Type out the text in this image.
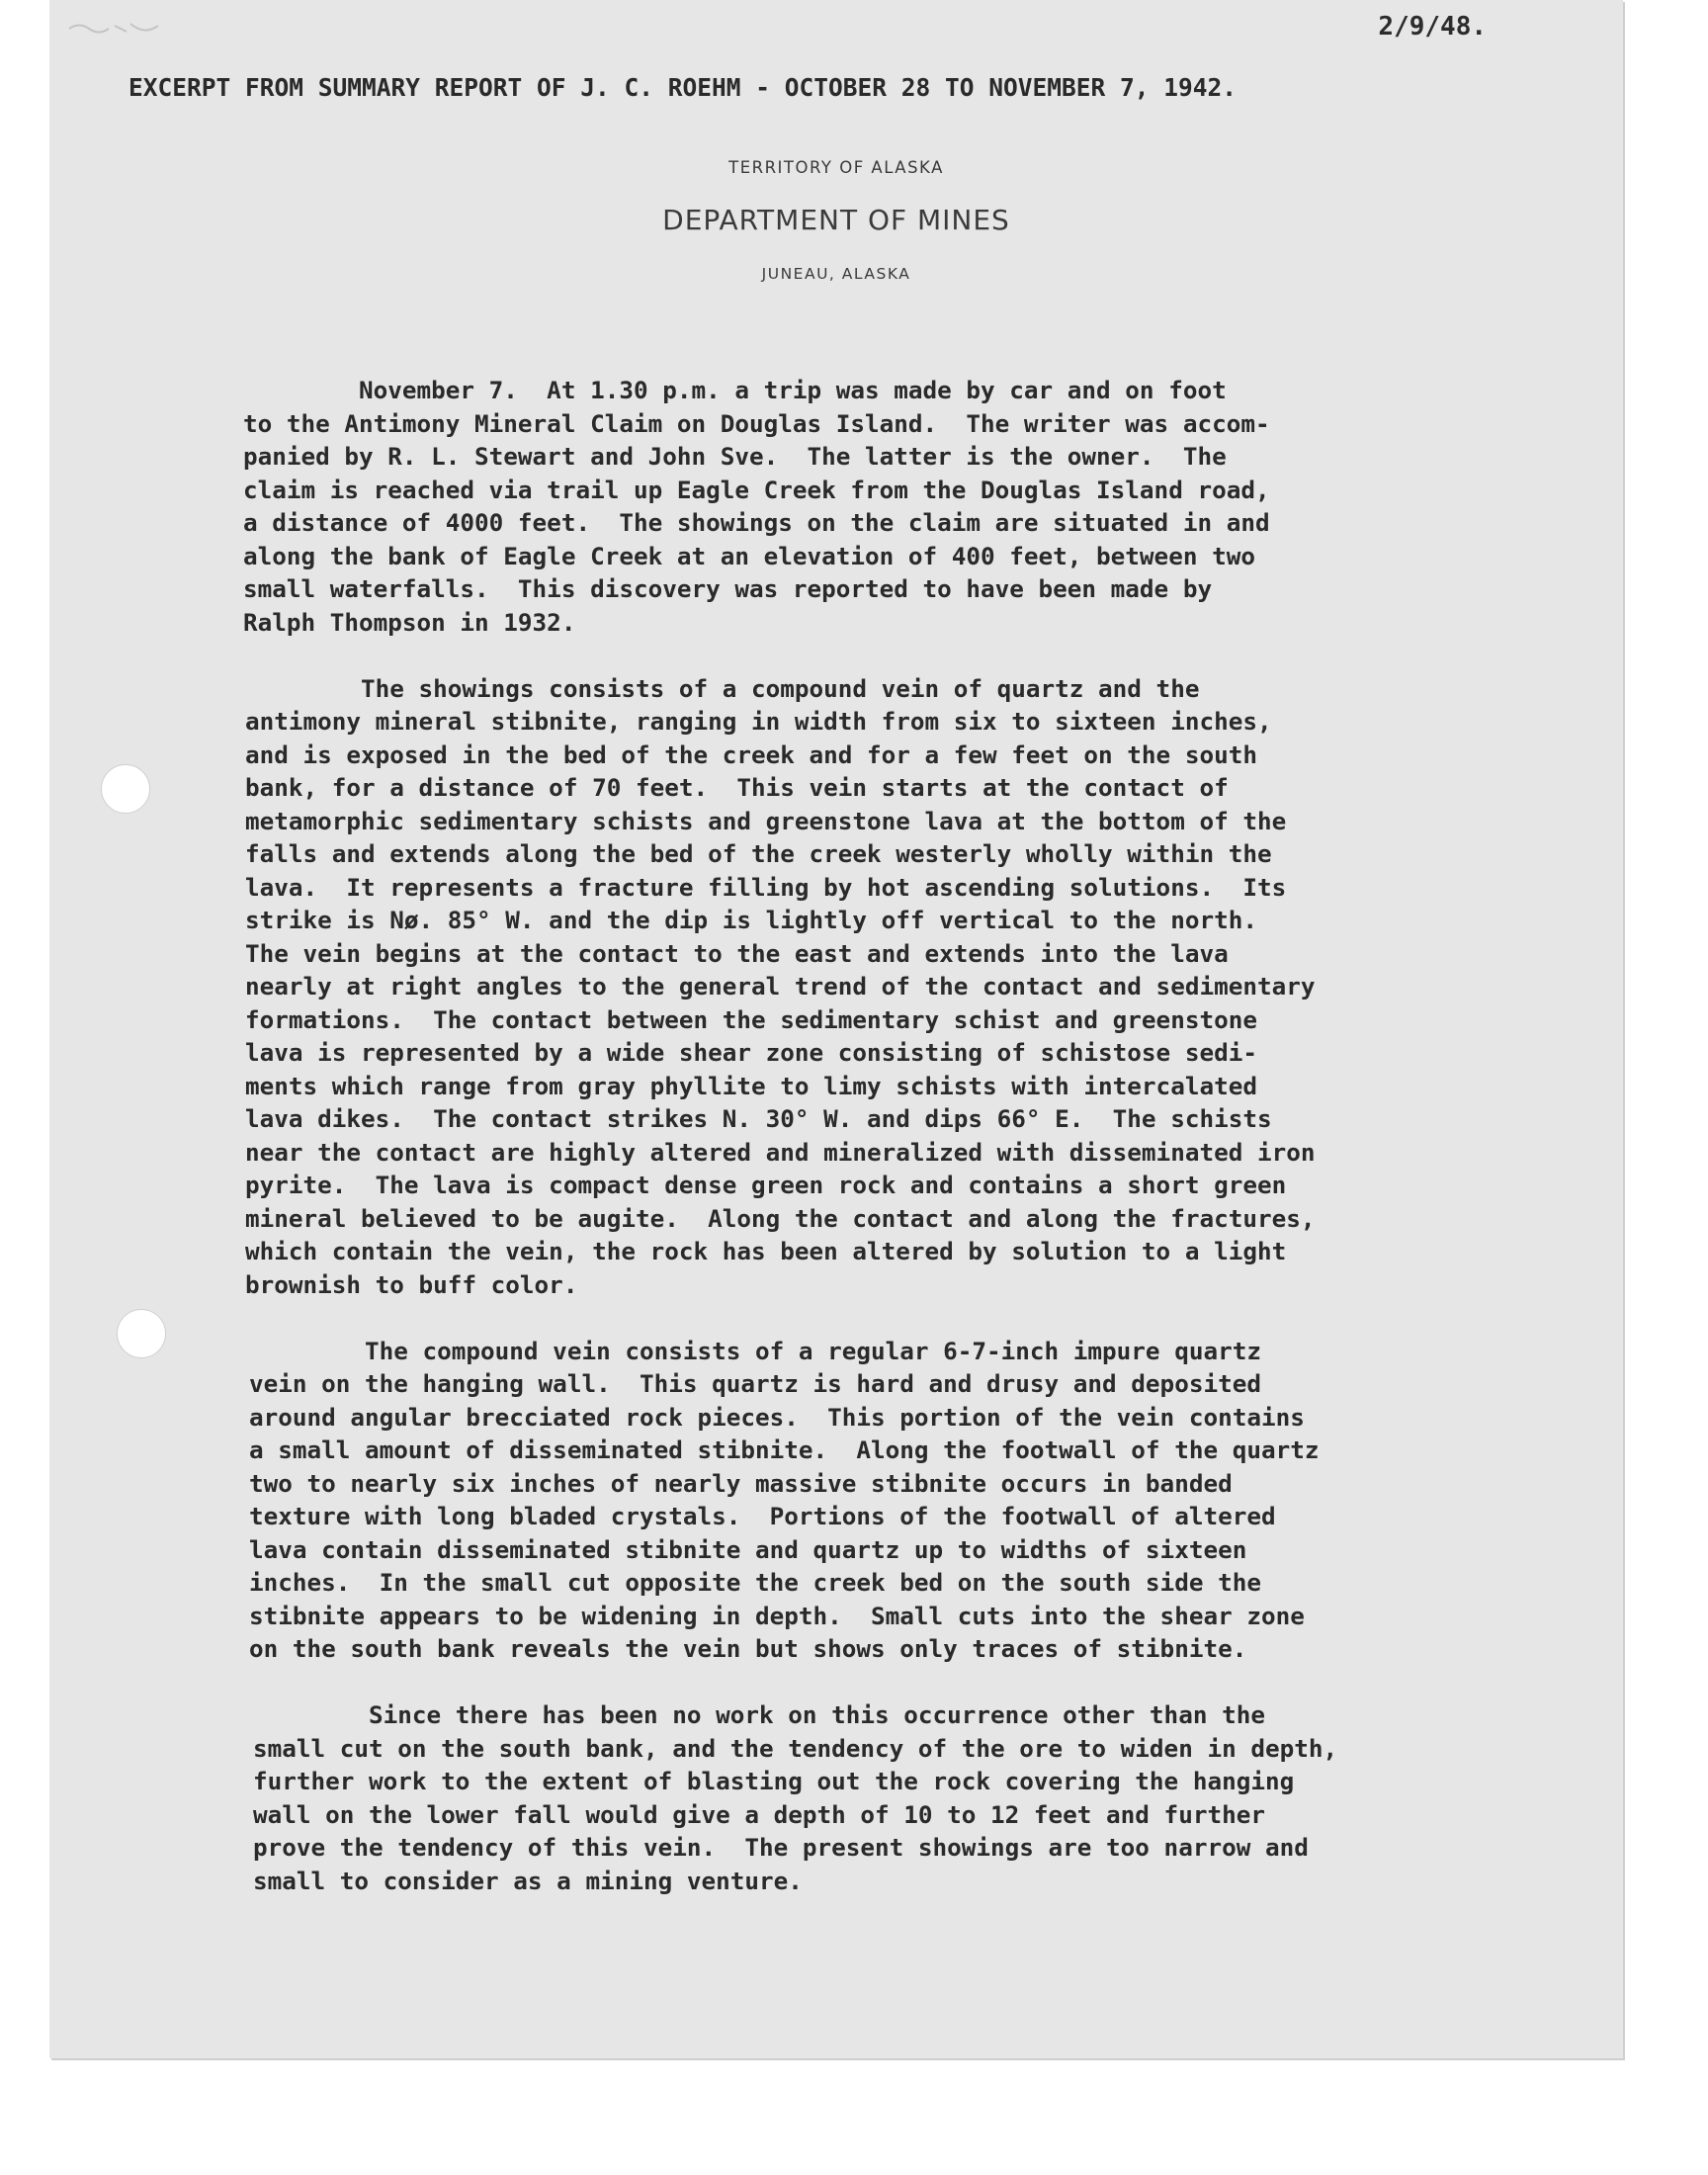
2/9/48.
EXCERPT FROM SUMMARY REPORT OF J. C. ROEHM - OCTOBER 28 TO NOVEMBER 7, 1942.
TERRITORY OF ALASKA
DEPARTMENT OF MINES
JUNEAU, ALASKA

November 7.  At 1.30 p.m. a trip was made by car and on foot
to the Antimony Mineral Claim on Douglas Island.  The writer was accom-
panied by R. L. Stewart and John Sve.  The latter is the owner.  The
claim is reached via trail up Eagle Creek from the Douglas Island road,
a distance of 4000 feet.  The showings on the claim are situated in and
along the bank of Eagle Creek at an elevation of 400 feet, between two
small waterfalls.  This discovery was reported to have been made by
Ralph Thompson in 1932.

The showings consists of a compound vein of quartz and the
antimony mineral stibnite, ranging in width from six to sixteen inches,
and is exposed in the bed of the creek and for a few feet on the south
bank, for a distance of 70 feet.  This vein starts at the contact of
metamorphic sedimentary schists and greenstone lava at the bottom of the
falls and extends along the bed of the creek westerly wholly within the
lava.  It represents a fracture filling by hot ascending solutions.  Its
strike is Nø. 85° W. and the dip is lightly off vertical to the north.
The vein begins at the contact to the east and extends into the lava
nearly at right angles to the general trend of the contact and sedimentary
formations.  The contact between the sedimentary schist and greenstone
lava is represented by a wide shear zone consisting of schistose sedi-
ments which range from gray phyllite to limy schists with intercalated
lava dikes.  The contact strikes N. 30° W. and dips 66° E.  The schists
near the contact are highly altered and mineralized with disseminated iron
pyrite.  The lava is compact dense green rock and contains a short green
mineral believed to be augite.  Along the contact and along the fractures,
which contain the vein, the rock has been altered by solution to a light
brownish to buff color.

The compound vein consists of a regular 6-7-inch impure quartz
vein on the hanging wall.  This quartz is hard and drusy and deposited
around angular brecciated rock pieces.  This portion of the vein contains
a small amount of disseminated stibnite.  Along the footwall of the quartz
two to nearly six inches of nearly massive stibnite occurs in banded
texture with long bladed crystals.  Portions of the footwall of altered
lava contain disseminated stibnite and quartz up to widths of sixteen
inches.  In the small cut opposite the creek bed on the south side the
stibnite appears to be widening in depth.  Small cuts into the shear zone
on the south bank reveals the vein but shows only traces of stibnite.

Since there has been no work on this occurrence other than the
small cut on the south bank, and the tendency of the ore to widen in depth,
further work to the extent of blasting out the rock covering the hanging
wall on the lower fall would give a depth of 10 to 12 feet and further
prove the tendency of this vein.  The present showings are too narrow and
small to consider as a mining venture.
